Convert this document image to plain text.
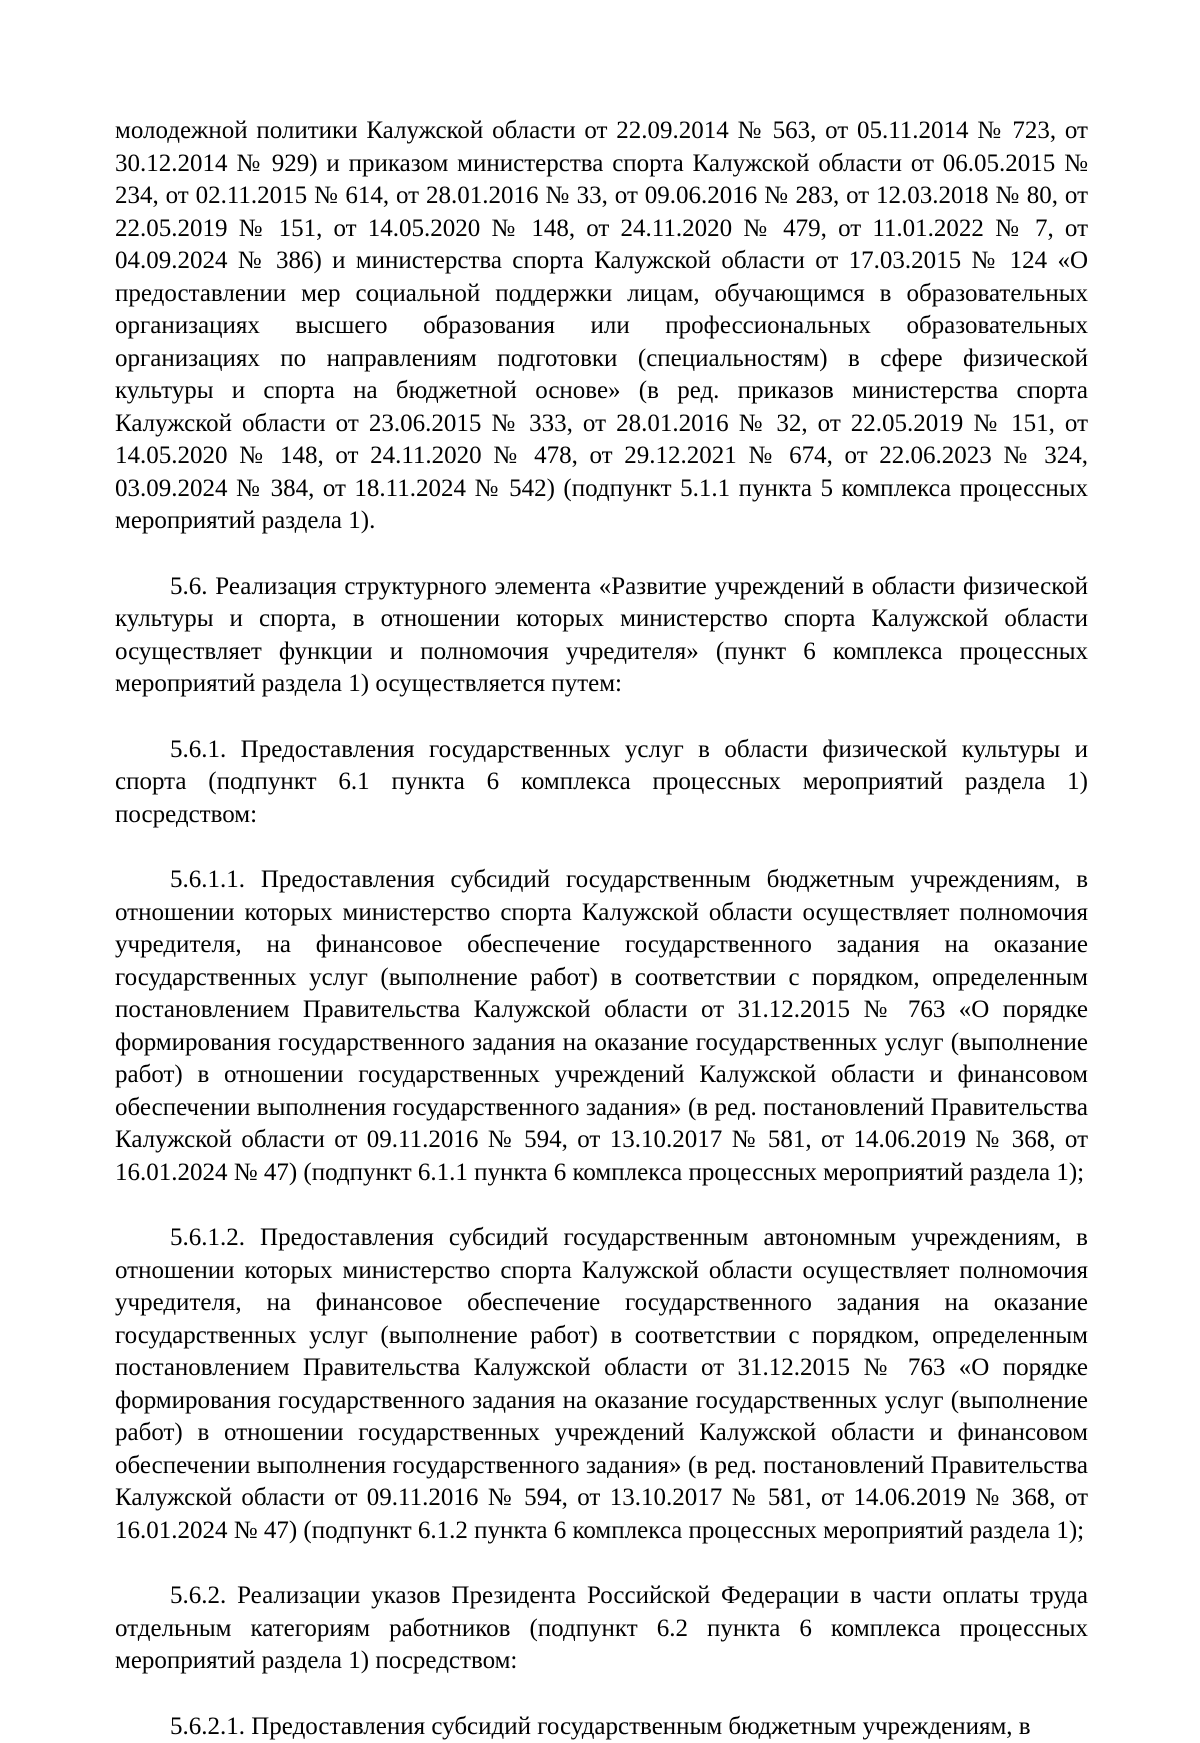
молодежной политики Калужской области от 22.09.2014 № 563, от 05.11.2014 № 723, от 30.12.2014 № 929) и приказом министерства спорта Калужской области от 06.05.2015 № 234, от 02.11.2015 № 614, от 28.01.2016 № 33, от 09.06.2016 № 283, от 12.03.2018 № 80, от 22.05.2019 № 151, от 14.05.2020 № 148, от 24.11.2020 № 479, от 11.01.2022 № 7, от 04.09.2024 № 386) и министерства спорта Калужской области от 17.03.2015 № 124 «О предоставлении мер социальной поддержки лицам, обучающимся в образовательных организациях высшего образования или профессиональных образовательных организациях по направлениям подготовки (специальностям) в сфере физической культуры и спорта на бюджетной основе» (в ред. приказов министерства спорта Калужской области от 23.06.2015 № 333, от 28.01.2016 № 32, от 22.05.2019 № 151, от 14.05.2020 № 148, от 24.11.2020 № 478, от 29.12.2021 № 674, от 22.06.2023 № 324, 03.09.2024 № 384, от 18.11.2024 № 542) (подпункт 5.1.1 пункта 5 комплекса процессных мероприятий раздела 1).

5.6. Реализация структурного элемента «Развитие учреждений в области физической культуры и спорта, в отношении которых министерство спорта Калужской области осуществляет функции и полномочия учредителя» (пункт 6 комплекса процессных мероприятий раздела 1) осуществляется путем:

5.6.1. Предоставления государственных услуг в области физической культуры и спорта (подпункт 6.1 пункта 6 комплекса процессных мероприятий раздела 1) посредством:

5.6.1.1. Предоставления субсидий государственным бюджетным учреждениям, в отношении которых министерство спорта Калужской области осуществляет полномочия учредителя, на финансовое обеспечение государственного задания на оказание государственных услуг (выполнение работ) в соответствии с порядком, определенным постановлением Правительства Калужской области от 31.12.2015 № 763 «О порядке формирования государственного задания на оказание государственных услуг (выполнение работ) в отношении государственных учреждений Калужской области и финансовом обеспечении выполнения государственного задания» (в ред. постановлений Правительства Калужской области от 09.11.2016 № 594, от 13.10.2017 № 581, от 14.06.2019 № 368, от 16.01.2024 № 47) (подпункт 6.1.1 пункта 6 комплекса процессных мероприятий раздела 1);

5.6.1.2. Предоставления субсидий государственным автономным учреждениям, в отношении которых министерство спорта Калужской области осуществляет полномочия учредителя, на финансовое обеспечение государственного задания на оказание государственных услуг (выполнение работ) в соответствии с порядком, определенным постановлением Правительства Калужской области от 31.12.2015 № 763 «О порядке формирования государственного задания на оказание государственных услуг (выполнение работ) в отношении государственных учреждений Калужской области и финансовом обеспечении выполнения государственного задания» (в ред. постановлений Правительства Калужской области от 09.11.2016 № 594, от 13.10.2017 № 581, от 14.06.2019 № 368, от 16.01.2024 № 47) (подпункт 6.1.2 пункта 6 комплекса процессных мероприятий раздела 1);

5.6.2. Реализации указов Президента Российской Федерации в части оплаты труда отдельным категориям работников (подпункт 6.2 пункта 6 комплекса процессных мероприятий раздела 1) посредством:

5.6.2.1. Предоставления субсидий государственным бюджетным учреждениям, в
